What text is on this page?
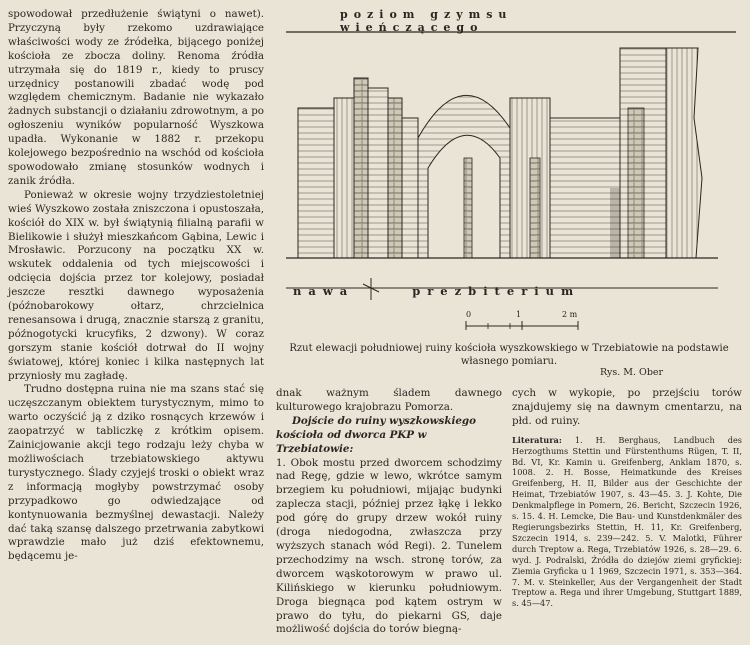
spowodował przedłużenie świątyni o nawet). Przyczyną były rzekomo uzdrawiające właściwości wody ze źródełka, bijącego poniżej kościoła ze zbocza doliny. Renoma źródła utrzymała się do 1819 r., kiedy to pruscy urzędnicy postanowili zbadać wodę pod względem chemicznym. Badanie nie wykazało żadnych substancji o działaniu zdrowotnym, a po ogłoszeniu wyników popularność Wyszkowa upadła. Wykonanie w 1882 r. przekopu kolejowego bezpośrednio na wschód od kościoła spowodowało zmianę stosunków wodnych i zanik źródła.

Ponieważ w okresie wojny trzydziestoletniej wieś Wyszkowo została zniszczona i opustoszała, kościół do XIX w. był świątynią filialną parafii w Bielikowie i służył mieszkańcom Gąbina, Lewic i Mrosławic. Porzucony na początku XX w. wskutek oddalenia od tych miejscowości i odcięcia dojścia przez tor kolejowy, posiadał jeszcze resztki dawnego wyposażenia (późnobarokowy ołtarz, chrzcielnica renesansowa i drugą, znacznie starszą z granitu, późnogotycki krucyfiks, 2 dzwony). W coraz gorszym stanie kościół dotrwał do II wojny światowej, której koniec i kilka następnych lat przyniosły mu zagładę.

Trudno dostępna ruina nie ma szans stać się uczęszczanym obiektem turystycznym, mimo to warto oczyścić ją z dziko rosnących krzewów i zaopatrzyć w tabliczkę z krótkim opisem. Zainicjowanie akcji tego rodzaju leży chyba w możliwościach trzebiatowskiego aktywu turystycznego. Ślady czyjejś troski o obiekt wraz z informacją mogłyby powstrzymać osoby przypadkowo go odwiedzające od kontynuowania bezmyślnej dewastacji. Należy dać taką szansę dalszego przetrwania zabytkowi wprawdzie mało już dziś efektownemu, będącemu je-

poziom gzymsu wieńczącego
nawa	prezbiterium
0	1	2 m
Rzut elewacji południowej ruiny kościoła wyszkowskiego w Trzebiatowie na podstawie własnego pomiaru.
Rys. M. Ober

dnak ważnym śladem dawnego kulturowego krajobrazu Pomorza.

Dojście do ruiny wyszkowskiego kościoła od dworca PKP w Trzebiatowie:

1. Obok mostu przed dworcem schodzimy nad Regę, gdzie w lewo, wkrótce samym brzegiem ku południowi, mijając budynki zaplecza stacji, później przez łąkę i lekko pod górę do grupy drzew wokół ruiny (droga niedogodna, zwłaszcza przy wyższych stanach wód Regi). 2. Tunelem przechodzimy na wsch. stronę torów, za dworcem wąskotorowym w prawo ul. Kilińskiego w kierunku południowym. Droga biegnąca pod kątem ostrym w prawo do tyłu, do piekarni GS, daje możliwość dojścia do torów biegną-

cych w wykopie, po przejściu torów znajdujemy się na dawnym cmentarzu, na płd. od ruiny.

Literatura: 1. H. Berghaus, Landbuch des Herzogthums Stettin und Fürstenthums Rügen, T. II, Bd. VI, Kr. Kamin u. Greifenberg, Anklam 1870, s. 1008. 2. H. Bosse, Heimatkunde des Kreises Greifenberg, H. II, Bilder aus der Geschichte der Heimat, Trzebiatów 1907, s. 43—45. 3. J. Kohte, Die Denkmalpflege in Pomern, 26. Bericht, Szczecin 1926, s. 15. 4. H. Lemcke, Die Bau- und Kunstdenkmäler des Regierungsbezirks Stettin, H. 11, Kr. Greifenberg, Szczecin 1914, s. 239—242. 5. V. Malotki, Führer durch Treptow a. Rega, Trzebiatów 1926, s. 28—29. 6. wyd. J. Podralski, Źródła do dziejów ziemi gryfickiej: Ziemia Gryficka u 1 1969, Szczecin 1971, s. 353—364. 7. M. v. Steinkeller, Aus der Vergangenheit der Stadt Treptow a. Rega und ihrer Umgebung, Stuttgart 1889, s. 45—47.
